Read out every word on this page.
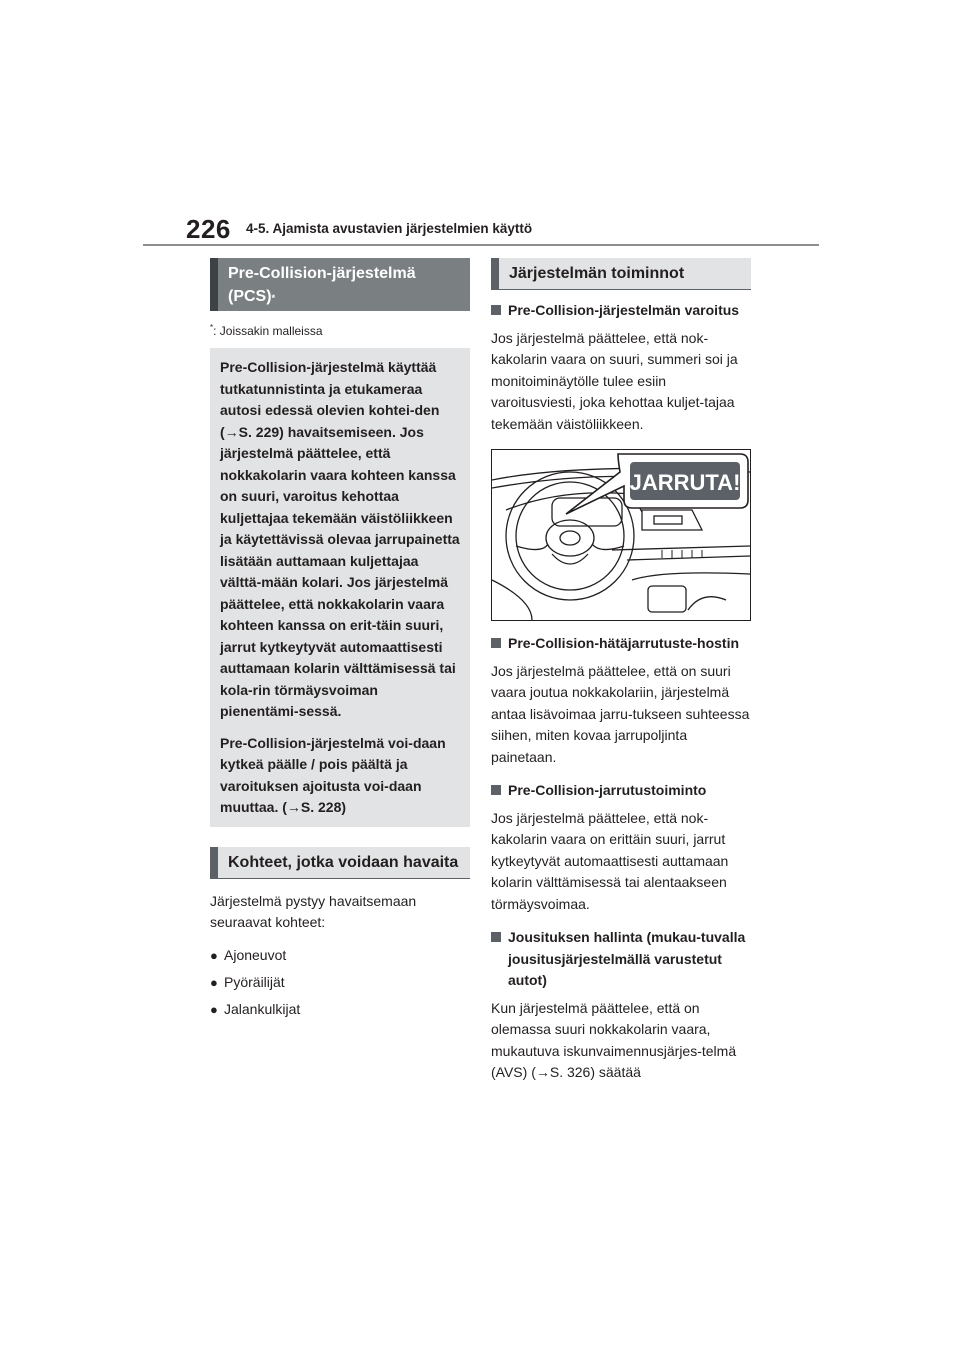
226 4-5. Ajamista avustavien järjestelmien käyttö
Pre-Collision-järjestelmä
(PCS)*
*: Joissakin malleissa

Pre-Collision-järjestelmä käyttää tutkatunnistinta ja etukameraa autosi edessä olevien kohtei-den (→S. 229) havaitsemiseen. Jos järjestelmä päättelee, että nokkakolarin vaara kohteen kanssa on suuri, varoitus kehottaa kuljettajaa tekemään väistöliikkeen ja käytettävissä olevaa jarrupainetta lisätään auttamaan kuljettajaa välttä-mään kolari. Jos järjestelmä päättelee, että nokkakolarin vaara kohteen kanssa on erit-täin suuri, jarrut kytkeytyvät automaattisesti auttamaan kolarin välttämisessä tai kola-rin törmäysvoiman pienentämi-sessä.

Pre-Collision-järjestelmä voi-daan kytkeä päälle / pois päältä ja varoituksen ajoitusta voi-daan muuttaa. (→S. 228)

Kohteet, jotka voidaan havaita

Järjestelmä pystyy havaitsemaan seuraavat kohteet:

● Ajoneuvot
● Pyöräilijät
● Jalankulkijat
Järjestelmän toiminnot
Pre-Collision-järjestelmän varoitus

Jos järjestelmä päättelee, että nok-kakolarin vaara on suuri, summeri soi ja monitoiminäytölle tulee esiin varoitusviesti, joka kehottaa kuljet-tajaa tekemään väistöliikkeen.

JARRUTA!
Pre-Collision-hätäjarrutuste-hostin

Jos järjestelmä päättelee, että on suuri vaara joutua nokkakolariin, järjestelmä antaa lisävoimaa jarru-tukseen suhteessa siihen, miten kovaa jarrupoljinta painetaan.

Pre-Collision-jarrutustoiminto

Jos järjestelmä päättelee, että nok-kakolarin vaara on erittäin suuri, jarrut kytkeytyvät automaattisesti auttamaan kolarin välttämisessä tai alentaakseen törmäysvoimaa.

Jousituksen hallinta (mukau-tuvalla jousitusjärjestelmällä varustetut autot)

Kun järjestelmä päättelee, että on olemassa suuri nokkakolarin vaara, mukautuva iskunvaimennusjärjes-telmä (AVS) (→S. 326) säätää
